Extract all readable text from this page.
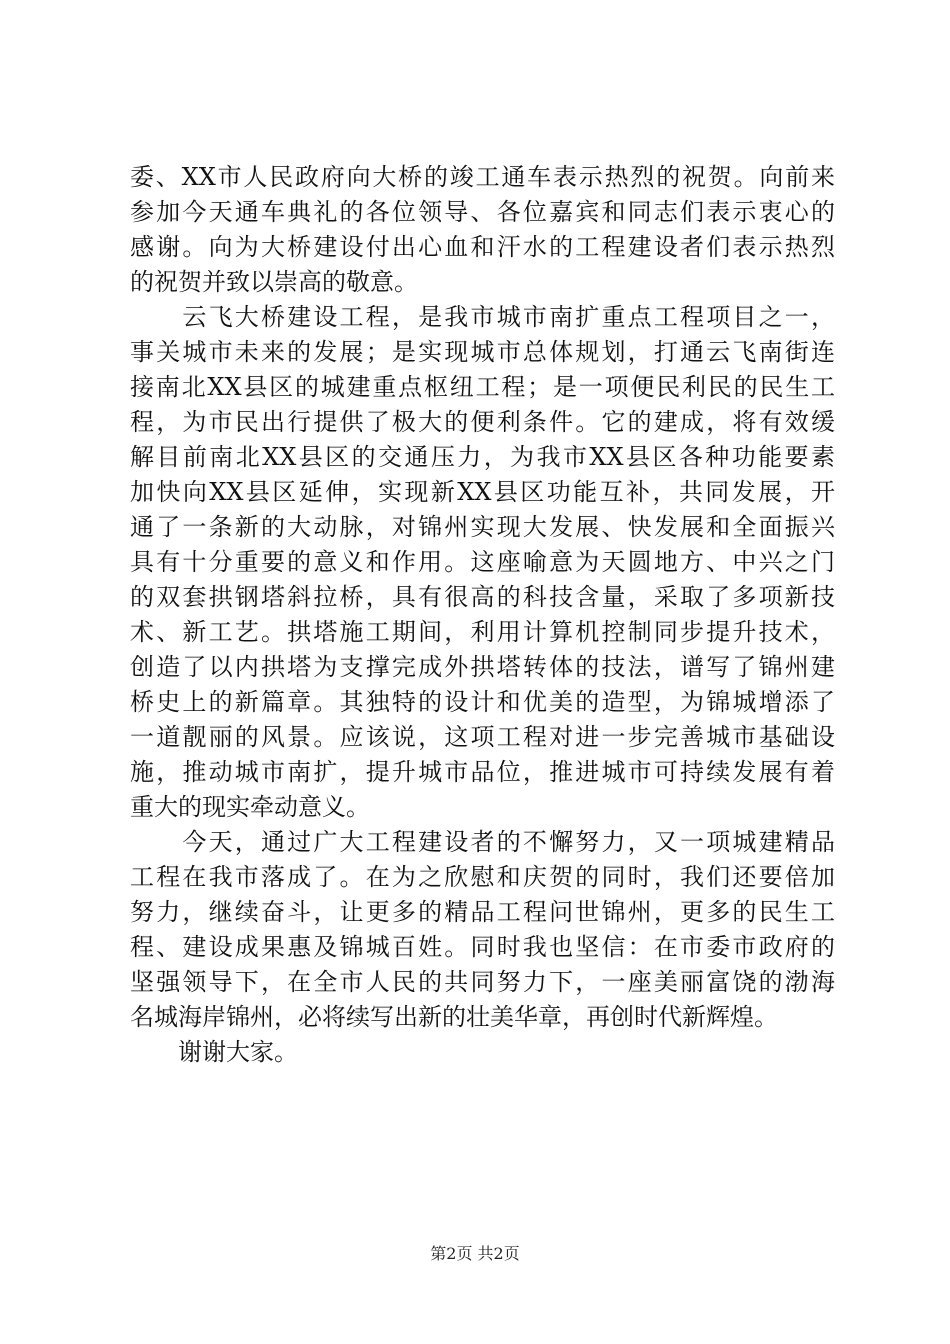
委、XX市人民政府向大桥的竣工通车表示热烈的祝贺。向前来
参加今天通车典礼的各位领导、各位嘉宾和同志们表示衷心的
感谢。向为大桥建设付出心血和汗水的工程建设者们表示热烈
的祝贺并致以崇高的敬意。
　　云飞大桥建设工程，是我市城市南扩重点工程项目之一，
事关城市未来的发展；是实现城市总体规划，打通云飞南街连
接南北XX县区的城建重点枢纽工程；是一项便民利民的民生工
程，为市民出行提供了极大的便利条件。它的建成，将有效缓
解目前南北XX县区的交通压力，为我市XX县区各种功能要素
加快向XX县区延伸，实现新XX县区功能互补，共同发展，开
通了一条新的大动脉，对锦州实现大发展、快发展和全面振兴
具有十分重要的意义和作用。这座喻意为天圆地方、中兴之门
的双套拱钢塔斜拉桥，具有很高的科技含量，采取了多项新技
术、新工艺。拱塔施工期间，利用计算机控制同步提升技术，
创造了以内拱塔为支撑完成外拱塔转体的技法，谱写了锦州建
桥史上的新篇章。其独特的设计和优美的造型，为锦城增添了
一道靓丽的风景。应该说，这项工程对进一步完善城市基础设
施，推动城市南扩，提升城市品位，推进城市可持续发展有着
重大的现实牵动意义。
　　今天，通过广大工程建设者的不懈努力，又一项城建精品
工程在我市落成了。在为之欣慰和庆贺的同时，我们还要倍加
努力，继续奋斗，让更多的精品工程问世锦州，更多的民生工
程、建设成果惠及锦城百姓。同时我也坚信：在市委市政府的
坚强领导下，在全市人民的共同努力下，一座美丽富饶的渤海
名城海岸锦州，必将续写出新的壮美华章，再创时代新辉煌。
　　谢谢大家。
第2页 共2页
